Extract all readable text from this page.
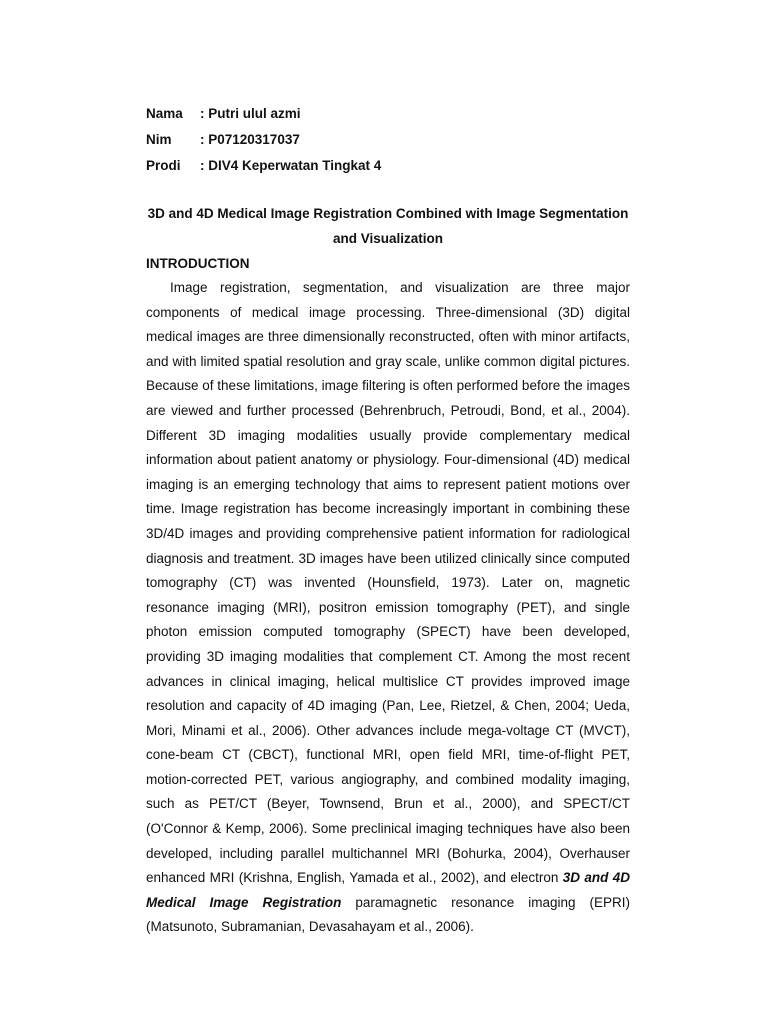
Nama	: Putri ulul azmi
Nim	: P07120317037
Prodi	: DIV4 Keperwatan Tingkat 4
3D and 4D Medical Image Registration Combined with Image Segmentation and Visualization
INTRODUCTION

Image registration, segmentation, and visualization are three major components of medical image processing. Three-dimensional (3D) digital medical images are three dimensionally reconstructed, often with minor artifacts, and with limited spatial resolution and gray scale, unlike common digital pictures. Because of these limitations, image filtering is often performed before the images are viewed and further processed (Behrenbruch, Petroudi, Bond, et al., 2004). Different 3D imaging modalities usually provide complementary medical information about patient anatomy or physiology. Four-dimensional (4D) medical imaging is an emerging technology that aims to represent patient motions over time. Image registration has become increasingly important in combining these 3D/4D images and providing comprehensive patient information for radiological diagnosis and treatment. 3D images have been utilized clinically since computed tomography (CT) was invented (Hounsfield, 1973). Later on, magnetic resonance imaging (MRI), positron emission tomography (PET), and single photon emission computed tomography (SPECT) have been developed, providing 3D imaging modalities that complement CT. Among the most recent advances in clinical imaging, helical multislice CT provides improved image resolution and capacity of 4D imaging (Pan, Lee, Rietzel, & Chen, 2004; Ueda, Mori, Minami et al., 2006). Other advances include mega-voltage CT (MVCT), cone-beam CT (CBCT), functional MRI, open field MRI, time-of-flight PET, motion-corrected PET, various angiography, and combined modality imaging, such as PET/CT (Beyer, Townsend, Brun et al., 2000), and SPECT/CT (O'Connor & Kemp, 2006). Some preclinical imaging techniques have also been developed, including parallel multichannel MRI (Bohurka, 2004), Overhauser enhanced MRI (Krishna, English, Yamada et al., 2002), and electron 3D and 4D Medical Image Registration paramagnetic resonance imaging (EPRI) (Matsunoto, Subramanian, Devasahayam et al., 2006).
